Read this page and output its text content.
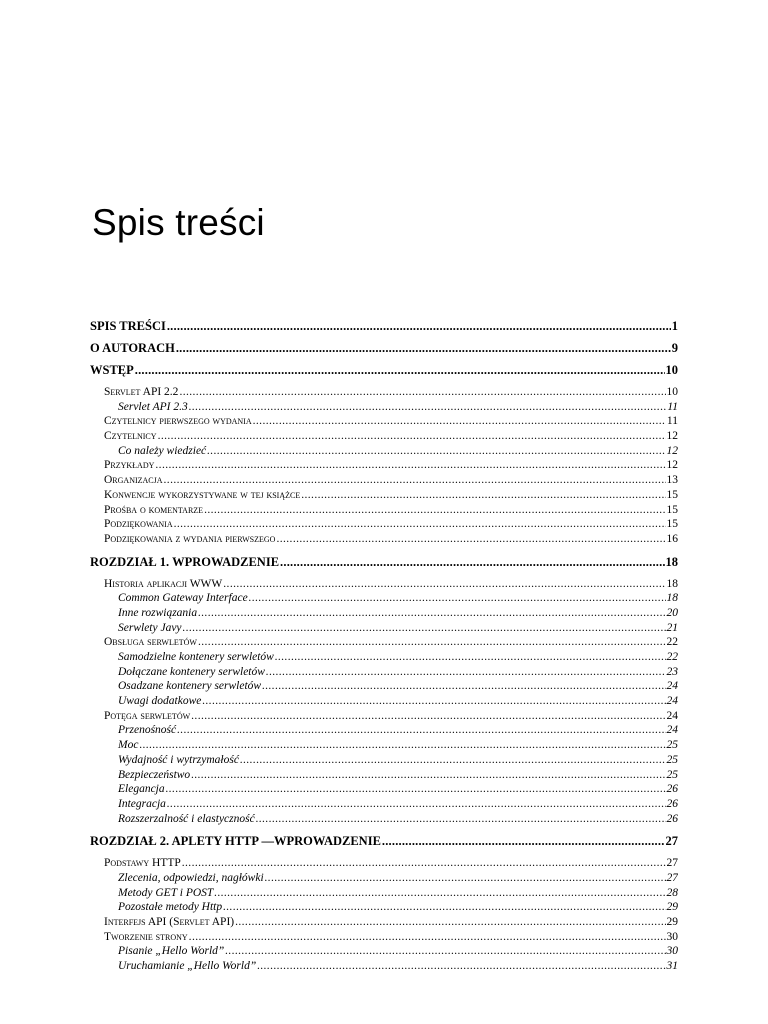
Spis treści
SPIS TREŚCI .....	1
O AUTORACH .....	9
WSTĘP .....	10
Servlet API 2.2 .....	10
Servlet API 2.3 .....	11
Czytelnicy pierwszego wydania .....	11
Czytelnicy .....	12
Co należy wiedzieć .....	12
Przykłady .....	12
Organizacja .....	13
Konwencje wykorzystywane w tej książce .....	15
Prośba o komentarze .....	15
Podziękowania .....	15
Podziękowania z wydania pierwszego .....	16
ROZDZIAŁ 1. WPROWADZENIE .....	18
Historia aplikacji WWW .....	18
Common Gateway Interface .....	18
Inne rozwiązania .....	20
Serwlety Javy .....	21
Obsługa serwletów .....	22
Samodzielne kontenery serwletów .....	22
Dołączane kontenery serwletów .....	23
Osadzane kontenery serwletów .....	24
Uwagi dodatkowe .....	24
Potęga serwletów .....	24
Przenośność .....	24
Moc .....	25
Wydajność i wytrzymałość .....	25
Bezpieczeństwo .....	25
Elegancja .....	26
Integracja .....	26
Rozszerzalność i elastyczność .....	26
ROZDZIAŁ 2. APLETY HTTP —WPROWADZENIE .....	27
Podstawy HTTP .....	27
Zlecenia, odpowiedzi, nagłówki .....	27
Metody GET i POST .....	28
Pozostałe metody Http .....	29
Interfejs API (Servlet API) .....	29
Tworzenie strony .....	30
Pisanie „Hello World” .....	30
Uruchamianie „Hello World” .....	31
